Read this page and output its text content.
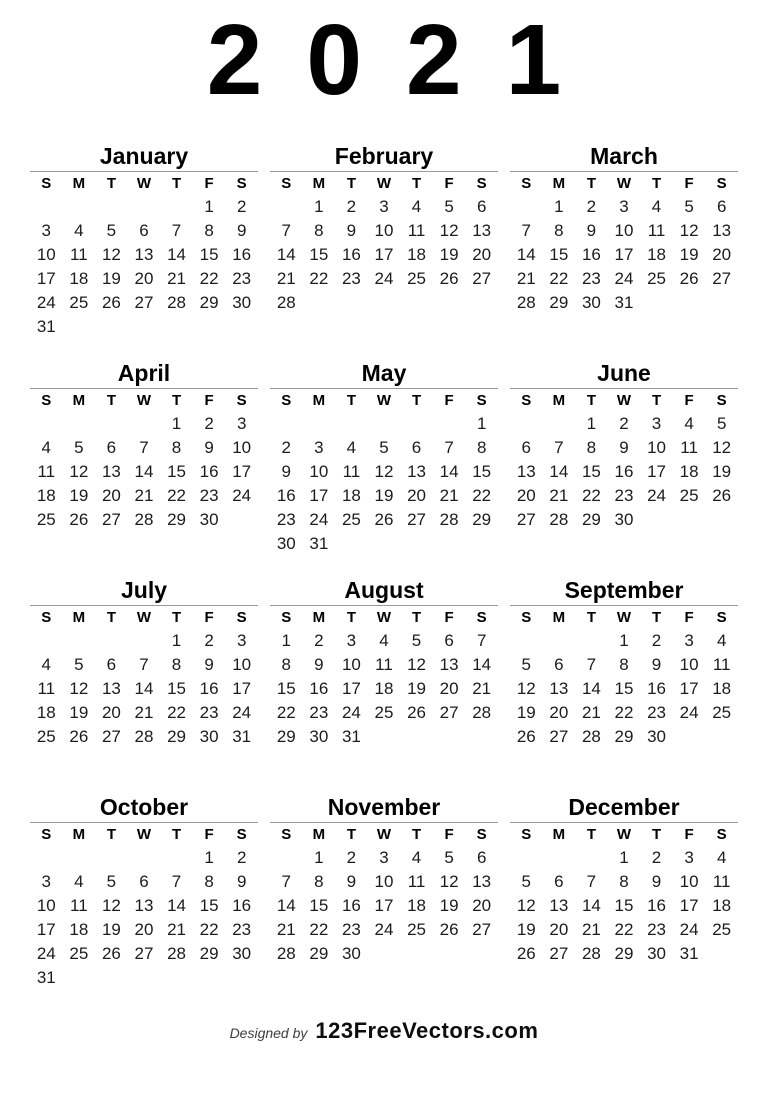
2021
January
S	M	T	W	T	F	S
					1	2
3	4	5	6	7	8	9
10	11	12	13	14	15	16
17	18	19	20	21	22	23
24	25	26	27	28	29	30
31						
February
S	M	T	W	T	F	S
	1	2	3	4	5	6
7	8	9	10	11	12	13
14	15	16	17	18	19	20
21	22	23	24	25	26	27
28						
March
S	M	T	W	T	F	S
	1	2	3	4	5	6
7	8	9	10	11	12	13
14	15	16	17	18	19	20
21	22	23	24	25	26	27
28	29	30	31			
April
S	M	T	W	T	F	S
				1	2	3
4	5	6	7	8	9	10
11	12	13	14	15	16	17
18	19	20	21	22	23	24
25	26	27	28	29	30	
May
S	M	T	W	T	F	S
						1
2	3	4	5	6	7	8
9	10	11	12	13	14	15
16	17	18	19	20	21	22
23	24	25	26	27	28	29
30	31					
June
S	M	T	W	T	F	S
		1	2	3	4	5
6	7	8	9	10	11	12
13	14	15	16	17	18	19
20	21	22	23	24	25	26
27	28	29	30			
July
S	M	T	W	T	F	S
				1	2	3
4	5	6	7	8	9	10
11	12	13	14	15	16	17
18	19	20	21	22	23	24
25	26	27	28	29	30	31
August
S	M	T	W	T	F	S
1	2	3	4	5	6	7
8	9	10	11	12	13	14
15	16	17	18	19	20	21
22	23	24	25	26	27	28
29	30	31				
September
S	M	T	W	T	F	S
			1	2	3	4
5	6	7	8	9	10	11
12	13	14	15	16	17	18
19	20	21	22	23	24	25
26	27	28	29	30		
October
S	M	T	W	T	F	S
					1	2
3	4	5	6	7	8	9
10	11	12	13	14	15	16
17	18	19	20	21	22	23
24	25	26	27	28	29	30
31						
November
S	M	T	W	T	F	S
	1	2	3	4	5	6
7	8	9	10	11	12	13
14	15	16	17	18	19	20
21	22	23	24	25	26	27
28	29	30				
December
S	M	T	W	T	F	S
			1	2	3	4
5	6	7	8	9	10	11
12	13	14	15	16	17	18
19	20	21	22	23	24	25
26	27	28	29	30	31	
Designed by 123FreeVectors.com
